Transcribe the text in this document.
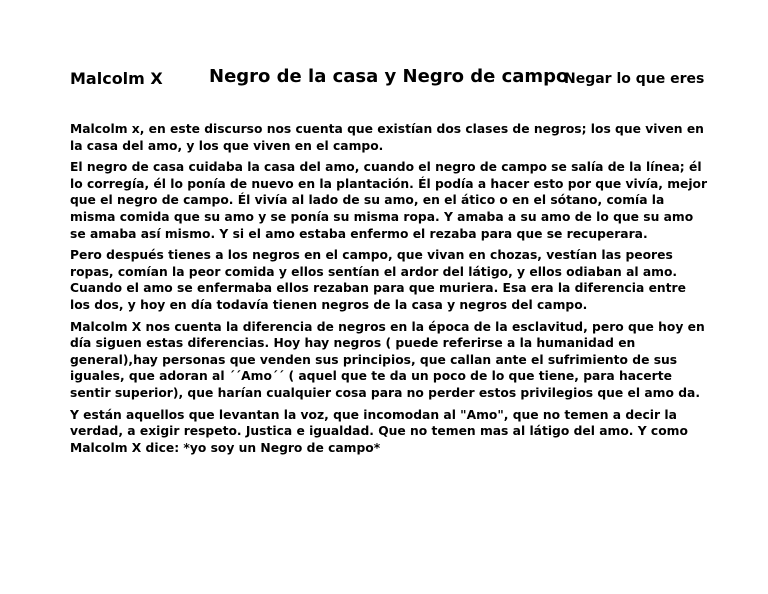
Malcolm X	Negro de la casa y Negro de campo
Negar lo que eres

Malcolm x, en este discurso nos cuenta que existían dos clases de negros; los que viven en la casa del amo, y los que viven en el campo.

El negro de casa cuidaba la casa del amo, cuando el negro de campo se salía de la línea; él lo corregía, él lo ponía de nuevo en la plantación. Él podía a hacer esto por que vivía, mejor que el negro de campo. Él vivía al lado de su amo, en el ático o en el sótano, comía la misma comida que su amo y se ponía su misma ropa. Y amaba a su amo de lo que su amo se amaba así mismo. Y si el amo estaba enfermo el rezaba para que se recuperara.

Pero después tienes a los negros en el campo, que vivan en chozas, vestían las peores ropas, comían la peor comida y ellos sentían el ardor del látigo, y ellos odiaban al amo. Cuando el amo se enfermaba ellos rezaban para que muriera. Esa era la diferencia entre los dos, y hoy en día todavía tienen negros de la casa y negros del campo.

Malcolm X nos cuenta la diferencia de negros en la época de la esclavitud, pero que hoy en día siguen estas diferencias. Hoy hay negros ( puede referirse a la humanidad en general),hay personas que venden sus principios, que callan ante el sufrimiento de sus iguales, que adoran al ´´Amo´´ ( aquel que te da un poco de lo que tiene, para hacerte sentir superior), que harían cualquier cosa para no perder estos privilegios que el amo da.

Y están aquellos que levantan la voz, que incomodan al "Amo", que no temen a decir la verdad, a exigir respeto. Justica e igualdad. Que no temen mas al látigo del amo. Y como Malcolm X dice: *yo soy un Negro de campo*
